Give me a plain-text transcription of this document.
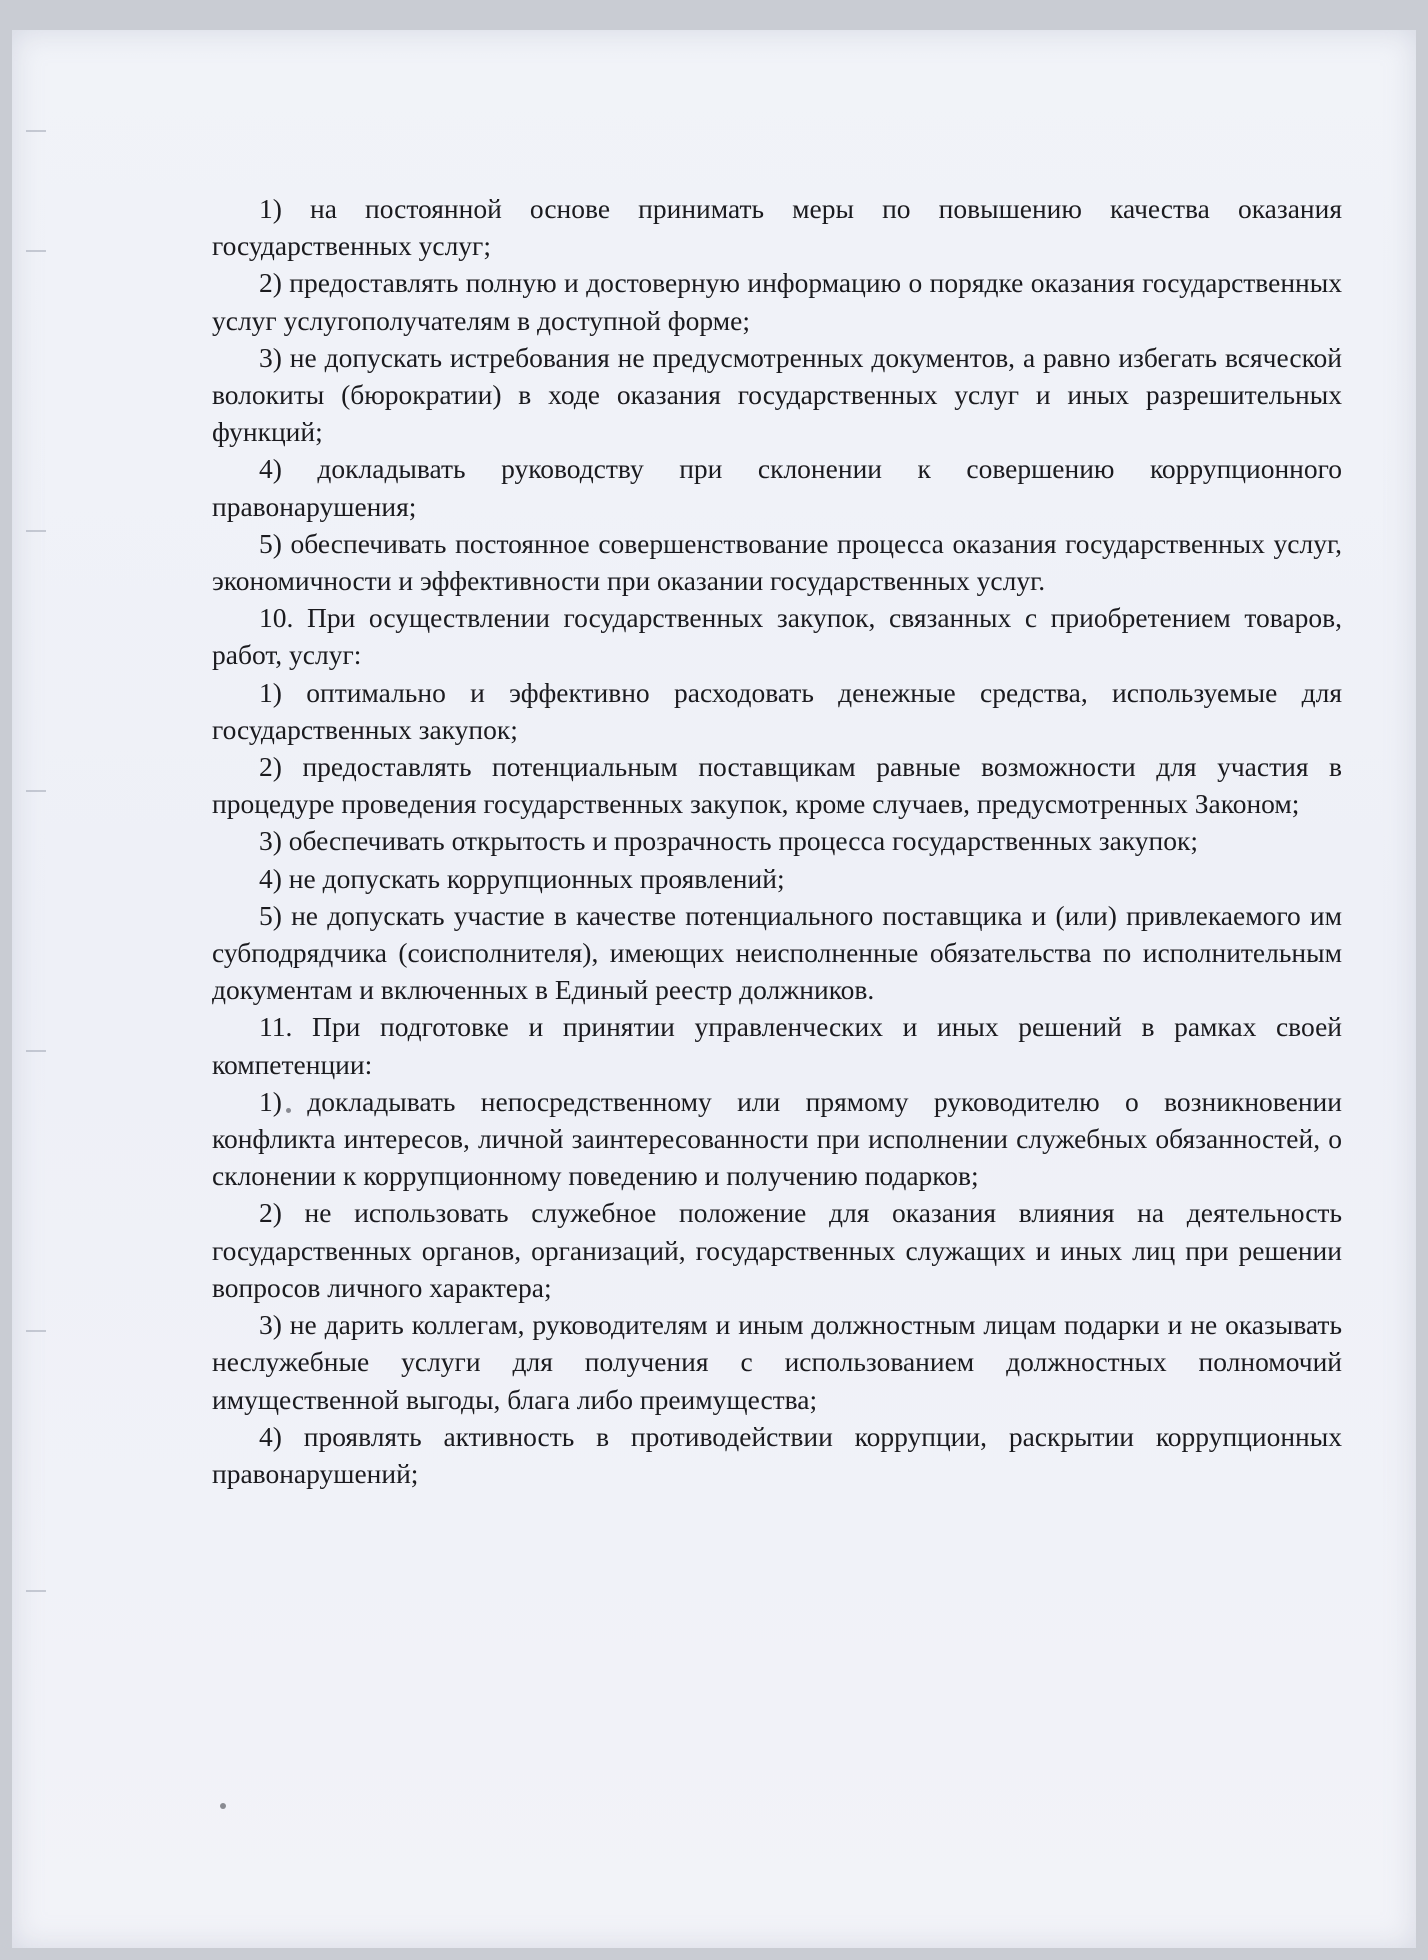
1) на постоянной основе принимать меры по повышению качества оказания государственных услуг;

2) предоставлять полную и достоверную информацию о порядке оказания государственных услуг услугополучателям в доступной форме;

3) не допускать истребования не предусмотренных документов, а равно избегать всяческой волокиты (бюрократии) в ходе оказания государственных услуг и иных разрешительных функций;

4) докладывать руководству при склонении к совершению коррупционного правонарушения;

5) обеспечивать постоянное совершенствование процесса оказания государственных услуг, экономичности и эффективности при оказании государственных услуг.

10. При осуществлении государственных закупок, связанных с приобретением товаров, работ, услуг:

1) оптимально и эффективно расходовать денежные средства, используемые для государственных закупок;

2) предоставлять потенциальным поставщикам равные возможности для участия в процедуре проведения государственных закупок, кроме случаев, предусмотренных Законом;

3) обеспечивать открытость и прозрачность процесса государственных закупок;

4) не допускать коррупционных проявлений;

5) не допускать участие в качестве потенциального поставщика и (или) привлекаемого им субподрядчика (соисполнителя), имеющих неисполненные обязательства по исполнительным документам и включенных в Единый реестр должников.

11. При подготовке и принятии управленческих и иных решений в рамках своей компетенции:

1) докладывать непосредственному или прямому руководителю о возникновении конфликта интересов, личной заинтересованности при исполнении служебных обязанностей, о склонении к коррупционному поведению и получению подарков;

2) не использовать служебное положение для оказания влияния на деятельность государственных органов, организаций, государственных служащих и иных лиц при решении вопросов личного характера;

3) не дарить коллегам, руководителям и иным должностным лицам подарки и не оказывать неслужебные услуги для получения с использованием должностных полномочий имущественной выгоды, блага либо преимущества;

4) проявлять активность в противодействии коррупции, раскрытии коррупционных правонарушений;
